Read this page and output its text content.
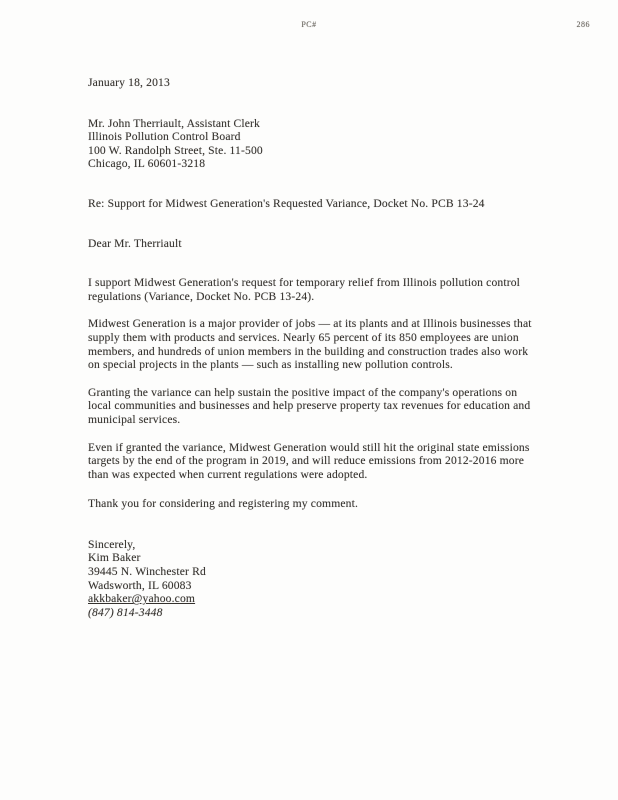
PC#	286

January 18, 2013

Mr. John Therriault, Assistant Clerk

Illinois Pollution Control Board

100 W. Randolph Street, Ste. 11-500

Chicago, IL 60601-3218

Re: Support for Midwest Generation's Requested Variance, Docket No. PCB 13-24

Dear Mr. Therriault

I support Midwest Generation's request for temporary relief from Illinois pollution control regulations (Variance, Docket No. PCB 13-24).

Midwest Generation is a major provider of jobs — at its plants and at Illinois businesses that supply them with products and services. Nearly 65 percent of its 850 employees are union members, and hundreds of union members in the building and construction trades also work on special projects in the plants — such as installing new pollution controls.

Granting the variance can help sustain the positive impact of the company's operations on local communities and businesses and help preserve property tax revenues for education and municipal services.

Even if granted the variance, Midwest Generation would still hit the original state emissions targets by the end of the program in 2019, and will reduce emissions from 2012-2016 more than was expected when current regulations were adopted.

Thank you for considering and registering my comment.

Sincerely,

Kim Baker

39445 N. Winchester Rd

Wadsworth, IL 60083

akkbaker@yahoo.com

(847) 814-3448
